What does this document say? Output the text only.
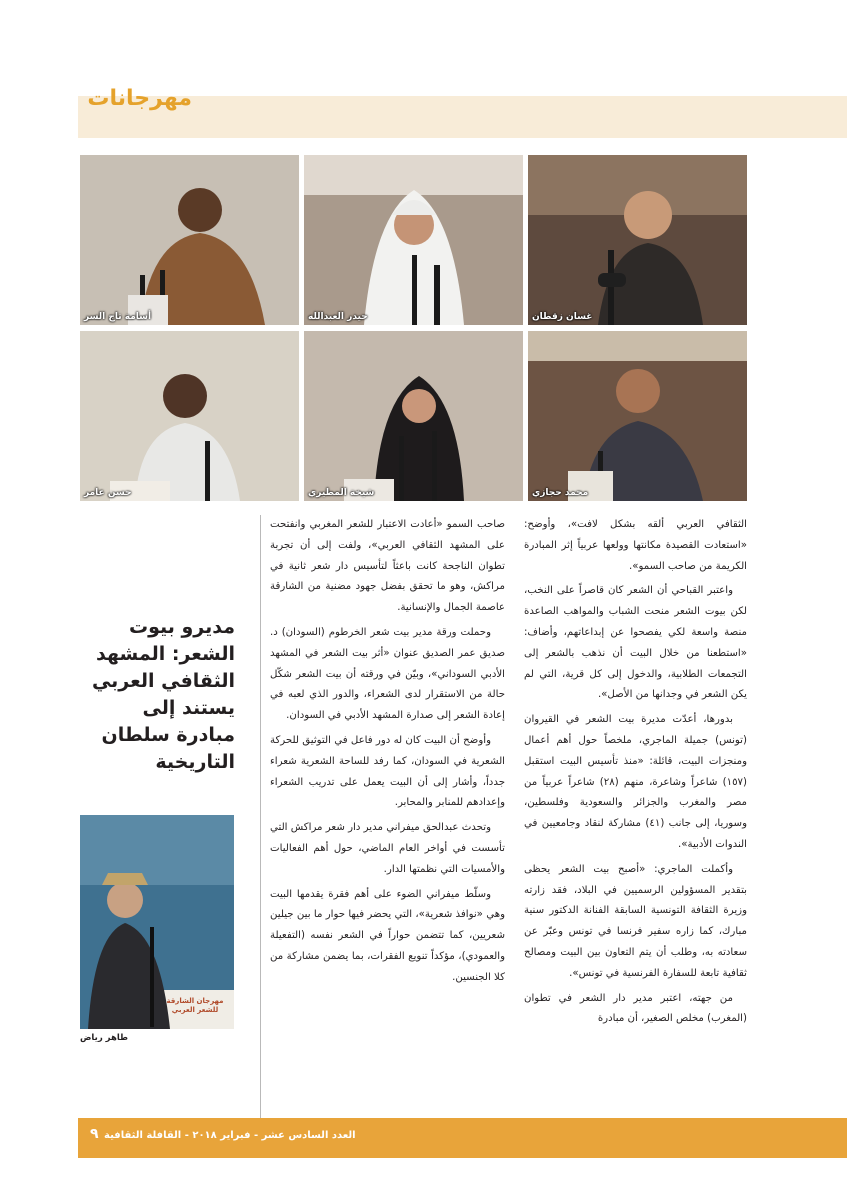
مهرجانات
غسان زقطان
حيدر العبدالله
أسامة تاج السر
محمد حجازي
شيخة المطيري
حسن عامر

الثقافي العربي ألقه بشكل لافت»، وأوضح: «استعادت القصيدة مكانتها وولعها عربياً إثر المبادرة الكريمة من صاحب السمو».

واعتبر القباحي أن الشعر كان قاصراً على النخب، لكن بيوت الشعر منحت الشباب والمواهب الصاعدة منصة واسعة لكي يفصحوا عن إبداعاتهم، وأضاف: «استطعنا من خلال البيت أن نذهب بالشعر إلى التجمعات الطلابية، والدخول إلى كل قرية، التي لم يكن الشعر في وجدانها من الأصل».

بدورها، أعدّت مديرة بيت الشعر في القيروان (تونس) جميلة الماجري، ملخصاً حول أهم أعمال ومنجزات البيت، قائلة: «منذ تأسيس البيت استقبل (١٥٧) شاعراً وشاعرة، منهم (٢٨) شاعراً عربياً من مصر والمغرب والجزائر والسعودية وفلسطين، وسوريا، إلى جانب (٤١) مشاركة لنقاد وجامعيين في الندوات الأدبية».

وأكملت الماجري: «أصبح بيت الشعر يحظى بتقدير المسؤولين الرسميين في البلاد، فقد زارته وزيرة الثقافة التونسية السابقة الفنانة الدكتور سنية مبارك، كما زاره سفير فرنسا في تونس وعبّر عن سعادته به، وطلب أن يتم التعاون بين البيت ومصالح ثقافية تابعة للسفارة الفرنسية في تونس».

من جهته، اعتبر مدير دار الشعر في تطوان (المغرب) مخلص الصغير، أن مبادرة

صاحب السمو «أعادت الاعتبار للشعر المغربي وانفتحت على المشهد الثقافي العربي»، ولفت إلى أن تجربة تطوان الناجحة كانت باعثاً لتأسيس دار شعر ثانية في مراكش، وهو ما تحقق بفضل جهود مضنية من الشارقة عاصمة الجمال والإنسانية.

وحملت ورقة مدير بيت شعر الخرطوم (السودان) د. صديق عمر الصديق عنوان «أثر بيت الشعر في المشهد الأدبي السوداني»، وبيّن في ورقته أن بيت الشعر شكّل حالة من الاستقرار لدى الشعراء، والدور الذي لعبه في إعادة الشعر إلى صدارة المشهد الأدبي في السودان.

وأوضح أن البيت كان له دور فاعل في التوثيق للحركة الشعرية في السودان، كما رفد للساحة الشعرية شعراء جدداً، وأشار إلى أن البيت يعمل على تدريب الشعراء وإعدادهم للمنابر والمحابر.

وتحدث عبدالحق ميفراني مدير دار شعر مراكش التي تأسست في أواخر العام الماضي، حول أهم الفعاليات والأمسيات التي نظمتها الدار.

وسلّط ميفراني الضوء على أهم فقرة يقدمها البيت وهي «نوافذ شعرية»، التي يحضر فيها حوار ما بين جيلين شعريين، كما تتضمن حواراً في الشعر نفسه (التفعيلة والعمودي)، مؤكداً تنويع الفقرات، بما يضمن مشاركة من كلا الجنسين.

مديرو بيوت الشعر: المشهد الثقافي العربي يستند إلى مبادرة سلطان التاريخية
مهرجان الشارقة للشعر العربي
طاهر رياض
٩ العدد السادس عشر - فبراير ٢٠١٨ - القافلة الثقافية
